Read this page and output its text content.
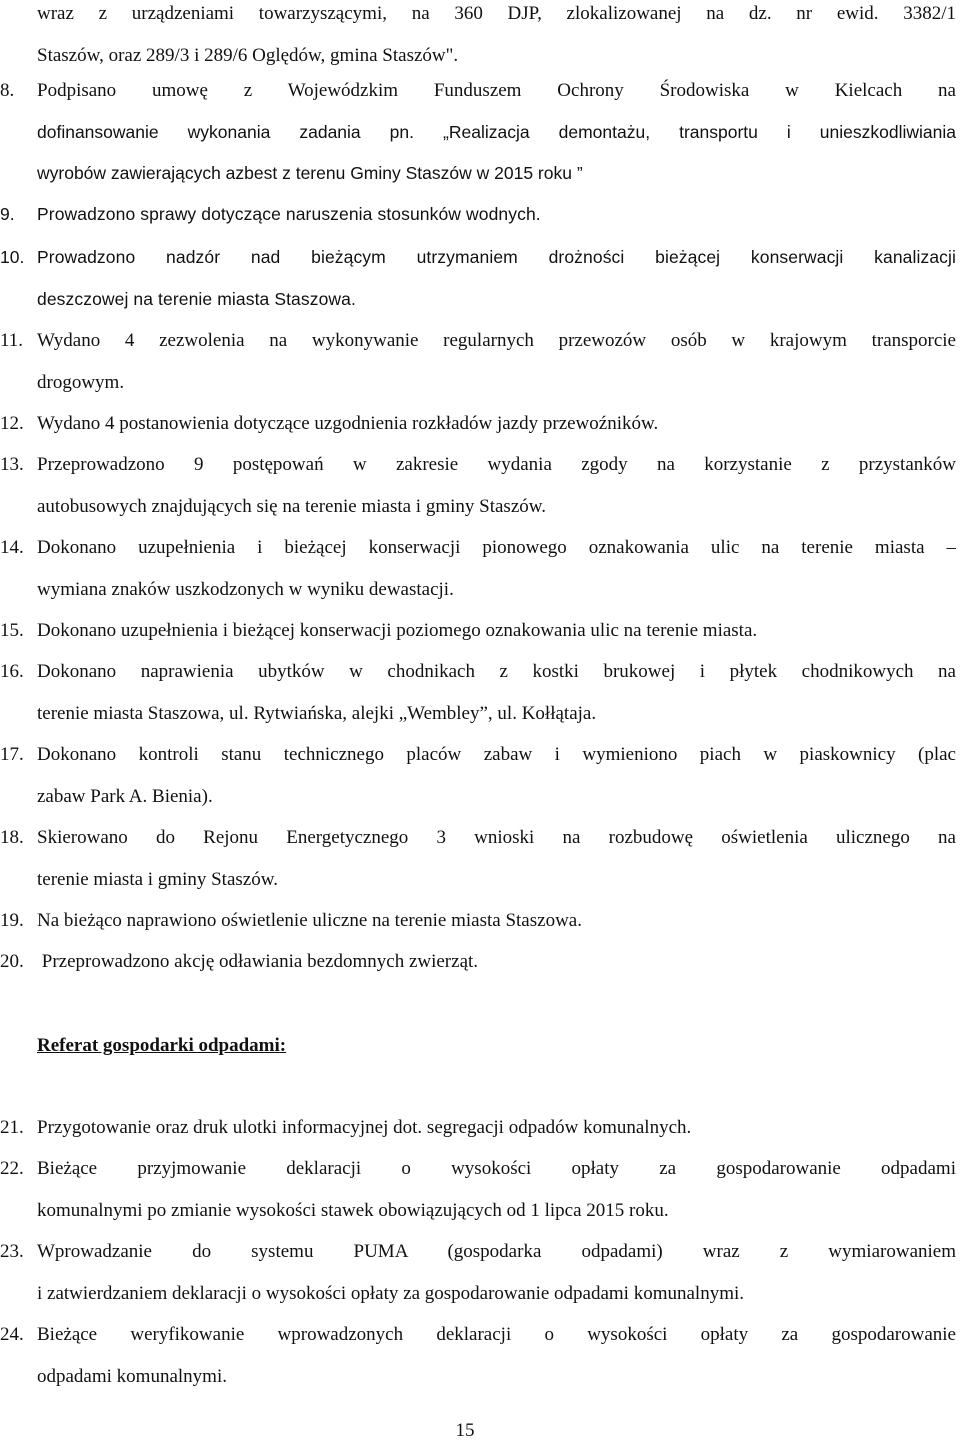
wraz z urządzeniami towarzyszącymi, na 360 DJP, zlokalizowanej na dz. nr ewid. 3382/1
Staszów, oraz 289/3 i 289/6 Oględów, gmina Staszów".
8.	Podpisano umowę z Wojewódzkim Funduszem Ochrony Środowiska w Kielcach na
dofinansowanie wykonania zadania pn. „Realizacja demontażu, transportu i unieszkodliwiania
wyrobów zawierających azbest z terenu Gminy Staszów w 2015 roku ”
9.	Prowadzono sprawy dotyczące naruszenia stosunków wodnych.
10. Prowadzono nadzór nad bieżącym utrzymaniem drożności bieżącej konserwacji kanalizacji
deszczowej na terenie miasta Staszowa.
11. Wydano 4 zezwolenia na wykonywanie regularnych przewozów osób w krajowym transporcie
drogowym.
12. Wydano 4 postanowienia dotyczące uzgodnienia rozkładów jazdy przewoźników.
13. Przeprowadzono 9 postępowań w zakresie wydania zgody na korzystanie z przystanków
autobusowych znajdujących się na terenie miasta i gminy Staszów.
14. Dokonano uzupełnienia i bieżącej konserwacji pionowego oznakowania ulic na terenie miasta –
wymiana znaków uszkodzonych w wyniku dewastacji.
15. Dokonano uzupełnienia i bieżącej konserwacji poziomego oznakowania ulic na terenie miasta.
16. Dokonano naprawienia ubytków w chodnikach z kostki brukowej i płytek chodnikowych na
terenie miasta Staszowa, ul. Rytwiańska, alejki „Wembley”, ul. Kołłątaja.
17. Dokonano kontroli stanu technicznego placów zabaw i wymieniono piach w piaskownicy (plac
zabaw Park A. Bienia).
18. Skierowano do Rejonu Energetycznego 3 wnioski na rozbudowę oświetlenia ulicznego na
terenie miasta i gminy Staszów.
19. Na bieżąco naprawiono oświetlenie uliczne na terenie miasta Staszowa.
20. Przeprowadzono akcję odławiania bezdomnych zwierząt.
Referat gospodarki odpadami:
21. Przygotowanie oraz druk ulotki informacyjnej dot. segregacji odpadów komunalnych.
22. Bieżące przyjmowanie deklaracji o wysokości opłaty za gospodarowanie odpadami
komunalnymi po zmianie wysokości stawek obowiązujących od 1 lipca 2015 roku.
23. Wprowadzanie do systemu PUMA (gospodarka odpadami) wraz z wymiarowaniem
i zatwierdzaniem deklaracji o wysokości opłaty za gospodarowanie odpadami komunalnymi.
24. Bieżące weryfikowanie wprowadzonych deklaracji o wysokości opłaty za gospodarowanie
odpadami komunalnymi.
15
